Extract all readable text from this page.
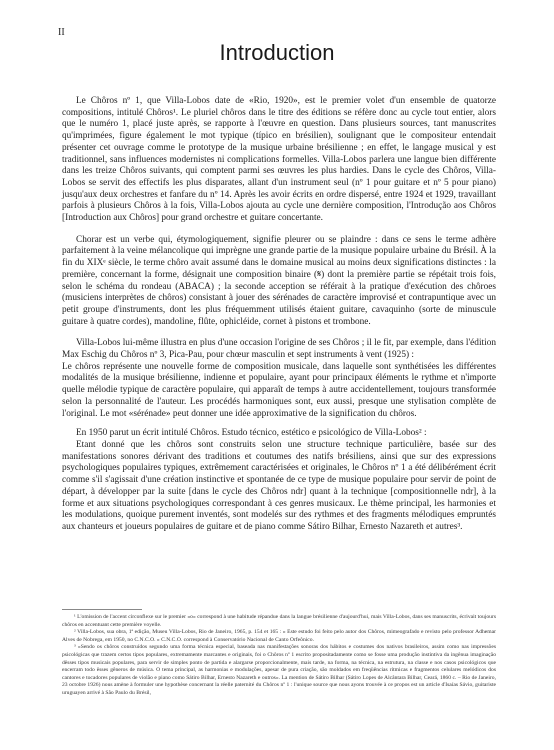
II
Introduction

Le Chôros nº 1, que Villa-Lobos date de «Rio, 1920», est le premier volet d'un ensemble de quatorze compositions, intitulé Chôros¹. Le pluriel chôros dans le titre des éditions se réfère donc au cycle tout entier, alors que le numéro 1, placé juste après, se rapporte à l'œuvre en question. Dans plusieurs sources, tant manuscrites qu'imprimées, figure également le mot typique (típico en brésilien), soulignant que le compositeur entendait présenter cet ouvrage comme le prototype de la musique urbaine brésilienne ; en effet, le langage musical y est traditionnel, sans influences modernistes ni complications formelles. Villa-Lobos parlera une langue bien différente dans les treize Chôros suivants, qui comptent parmi ses œuvres les plus hardies. Dans le cycle des Chôros, Villa-Lobos se servit des effectifs les plus disparates, allant d'un instrument seul (nº 1 pour guitare et nº 5 pour piano) jusqu'aux deux orchestres et fanfare du nº 14. Après les avoir écrits en ordre dispersé, entre 1924 et 1929, travaillant parfois à plusieurs Chôros à la fois, Villa-Lobos ajouta au cycle une dernière composition, l'Introdução aos Chôros [Introduction aux Chôros] pour grand orchestre et guitare concertante.

Chorar est un verbe qui, étymologiquement, signifie pleurer ou se plaindre : dans ce sens le terme adhère parfaitement à la veine mélancolique qui imprègne une grande partie de la musique populaire urbaine du Brésil. À la fin du XIXᵉ siècle, le terme chôro avait assumé dans le domaine musical au moins deux significations distinctes : la première, concernant la forme, désignait une composition binaire (𝄋) dont la première partie se répétait trois fois, selon le schéma du rondeau (ABACA) ; la seconde acception se référait à la pratique d'exécution des chôroes (musiciens interprètes de chôros) consistant à jouer des sérénades de caractère improvisé et contrapuntique avec un petit groupe d'instruments, dont les plus fréquemment utilisés étaient guitare, cavaquinho (sorte de minuscule guitare à quatre cordes), mandoline, flûte, ophicléide, cornet à pistons et trombone.

Villa-Lobos lui-même illustra en plus d'une occasion l'origine de ses Chôros ; il le fit, par exemple, dans l'édition Max Eschig du Chôros nº 3, Pica-Pau, pour chœur masculin et sept instruments à vent (1925) :

Le chôros représente une nouvelle forme de composition musicale, dans laquelle sont synthétisées les différentes modalités de la musique brésilienne, indienne et populaire, ayant pour principaux éléments le rythme et n'importe quelle mélodie typique de caractère populaire, qui apparaît de temps à autre accidentellement, toujours transformée selon la personnalité de l'auteur. Les procédés harmoniques sont, eux aussi, presque une stylisation complète de l'original. Le mot «sérénade» peut donner une idée approximative de la signification du chôros.

En 1950 parut un écrit intitulé Chôros. Estudo técnico, estético e psicológico de Villa-Lobos² :

Etant donné que les chôros sont construits selon une structure technique particulière, basée sur des manifestations sonores dérivant des traditions et coutumes des natifs brésiliens, ainsi que sur des expressions psychologiques populaires typiques, extrêmement caractérisées et originales, le Chôros nº 1 a été délibérément écrit comme s'il s'agissait d'une création instinctive et spontanée de ce type de musique populaire pour servir de point de départ, à développer par la suite [dans le cycle des Chôros ndr] quant à la technique [compositionnelle ndr], à la forme et aux situations psychologiques correspondant à ces genres musicaux. Le thème principal, les harmonies et les modulations, quoique purement inventés, sont modelés sur des rythmes et des fragments mélodiques empruntés aux chanteurs et joueurs populaires de guitare et de piano comme Sátiro Bilhar, Ernesto Nazareth et autres³.

¹ L'omission de l'accent circonflexe sur le premier «o» correspond à une habitude répandue dans la langue brésilienne d'aujourd'hui, mais Villa-Lobos, dans ses manuscrits, écrivait toujours chôros en accentuant cette première voyelle.

² Villa-Lobos, sua obra, 1ª edição, Museu Villa-Lobos, Rio de Janeiro, 1965, p. 154 et 165 : « Este estudo foi feito pelo autor dos Chôros, mimeografado e revisto pelo professor Adhemar Alves de Nobrega, em 1950, no C.N.C.O. » C.N.C.O. correspond à Conservatório Nacional de Canto Orfeônico.

³ «Sendo os chôros construídos segundo uma forma técnica especial, baseada nas manifestações sonoras dos hábitos e costumes dos nativos brasileiros, assim como nas impressões psicológicas que trazem certos tipos populares, extremamente marcantes e originais, foi o Chôros nº 1 escrito propositadamente como se fosse uma produção instintiva da ingênua imaginação dêsses tipos musicais populares, para servir de simples ponto de partida e alargarse proporcionalmente, mais tarde, na forma, na técnica, na estrutura, na classe e nos casos psicológicos que encerram todo êsses gêneros de música. O tema principal, as harmonias e modulações, apesar de pura criação, são moldados em freqüências rítmicas e fragmentos celulares melódicos dos cantores e tocadores populares de violão e piano como Sátiro Bilhar, Ernesto Nazareth e outros». La mention de Sátiro Bilhar (Sátiro Lopes de Alcântara Bilhar, Ceará, 1860 c. – Rio de Janeiro, 23 octobre 1926) nous amène à formuler une hypothèse concernant la réelle paternité du Chôros nº 1 : l'unique source que nous ayons trouvée à ce propos est un article d'Isaías Sávio, guitariste uruguayen arrivé à São Paulo du Brésil,
